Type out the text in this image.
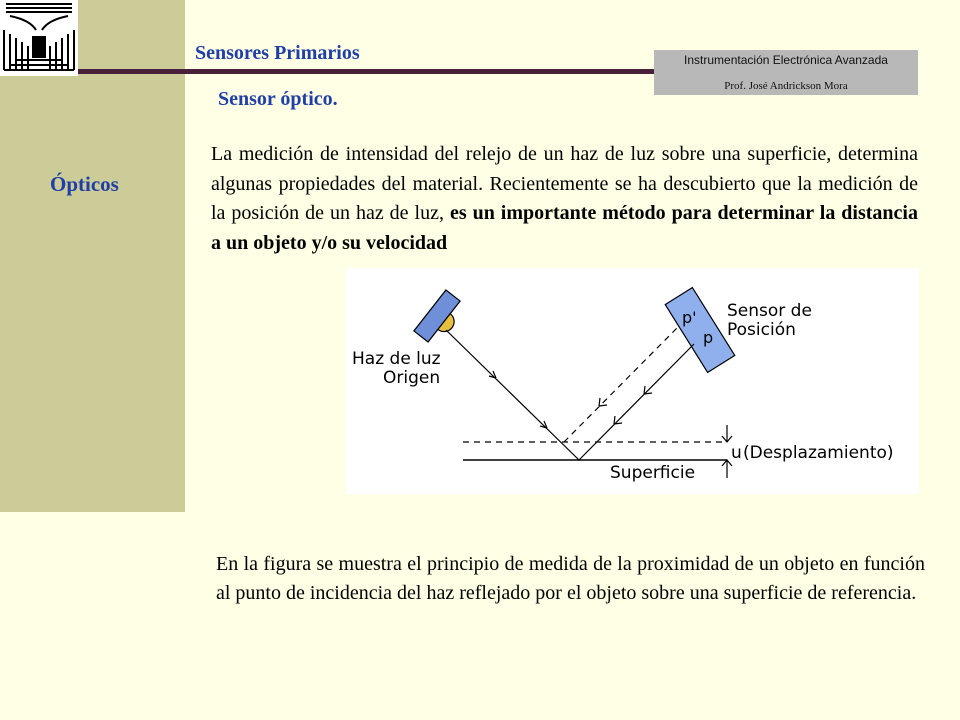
Sensores Primarios
Sensor óptico.
Instrumentación Electrónica Avanzada
Prof. José Andrickson Mora
Ópticos
La medición de intensidad del relejo de un haz de luz sobre una superficie, determina algunas propiedades del material. Recientemente se ha descubierto que la medición de la posición de un haz de luz, es un importante método para determinar la distancia a un objeto y/o su velocidad
p'
p
Haz de luz
Origen
Sensor de
Posición
Superficie
u (Desplazamiento)
En la figura se muestra el principio de medida de la proximidad de un objeto en función al punto de incidencia del haz reflejado por el objeto sobre una superficie de referencia.
